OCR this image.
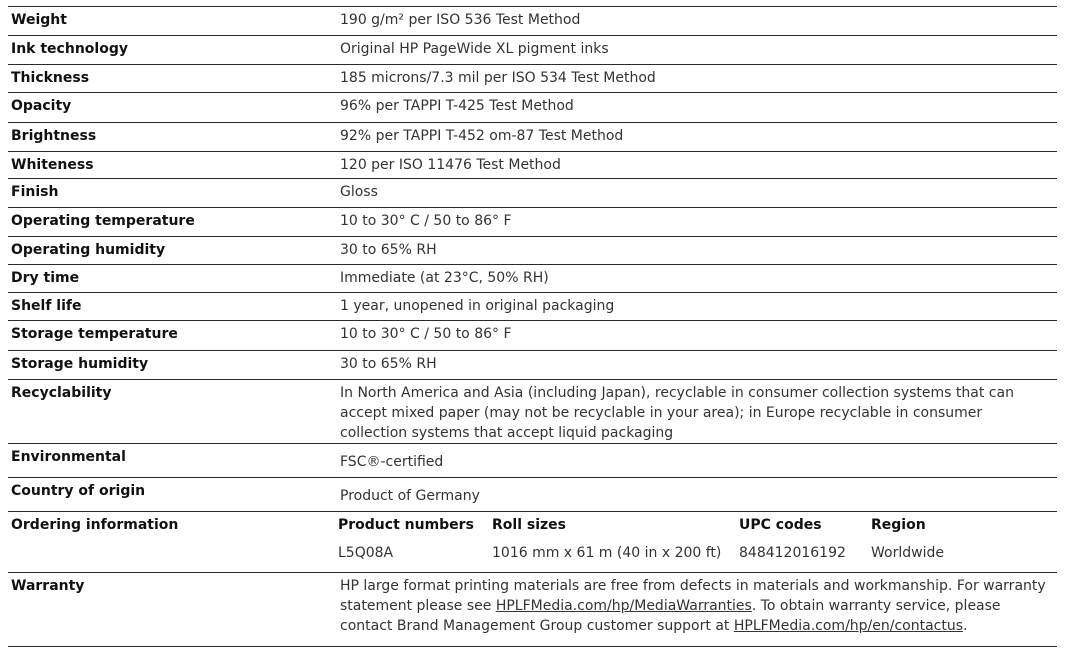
Weight	190 g/m² per ISO 536 Test Method
Ink technology	Original HP PageWide XL pigment inks
Thickness	185 microns/7.3 mil per ISO 534 Test Method
Opacity	96% per TAPPI T-425 Test Method
Brightness	92% per TAPPI T-452 om-87 Test Method
Whiteness	120 per ISO 11476 Test Method
Finish	Gloss
Operating temperature	10 to 30° C / 50 to 86° F
Operating humidity	30 to 65% RH
Dry time	Immediate (at 23°C, 50% RH)
Shelf life	1 year, unopened in original packaging
Storage temperature	10 to 30° C / 50 to 86° F
Storage humidity	30 to 65% RH
Recyclability	In North America and Asia (including Japan), recyclable in consumer collection systems that can accept mixed paper (may not be recyclable in your area); in Europe recyclable in consumer collection systems that accept liquid packaging
Environmental	FSC®-certified
Country of origin	Product of Germany
Ordering information	Product numbers	Roll sizes	UPC codes	Region
L5Q08A	1016 mm x 61 m (40 in x 200 ft)	848412016192	Worldwide
Warranty	HP large format printing materials are free from defects in materials and workmanship. For warranty statement please see HPLFMedia.com/hp/MediaWarranties. To obtain warranty service, please contact Brand Management Group customer support at HPLFMedia.com/hp/en/contactus.
